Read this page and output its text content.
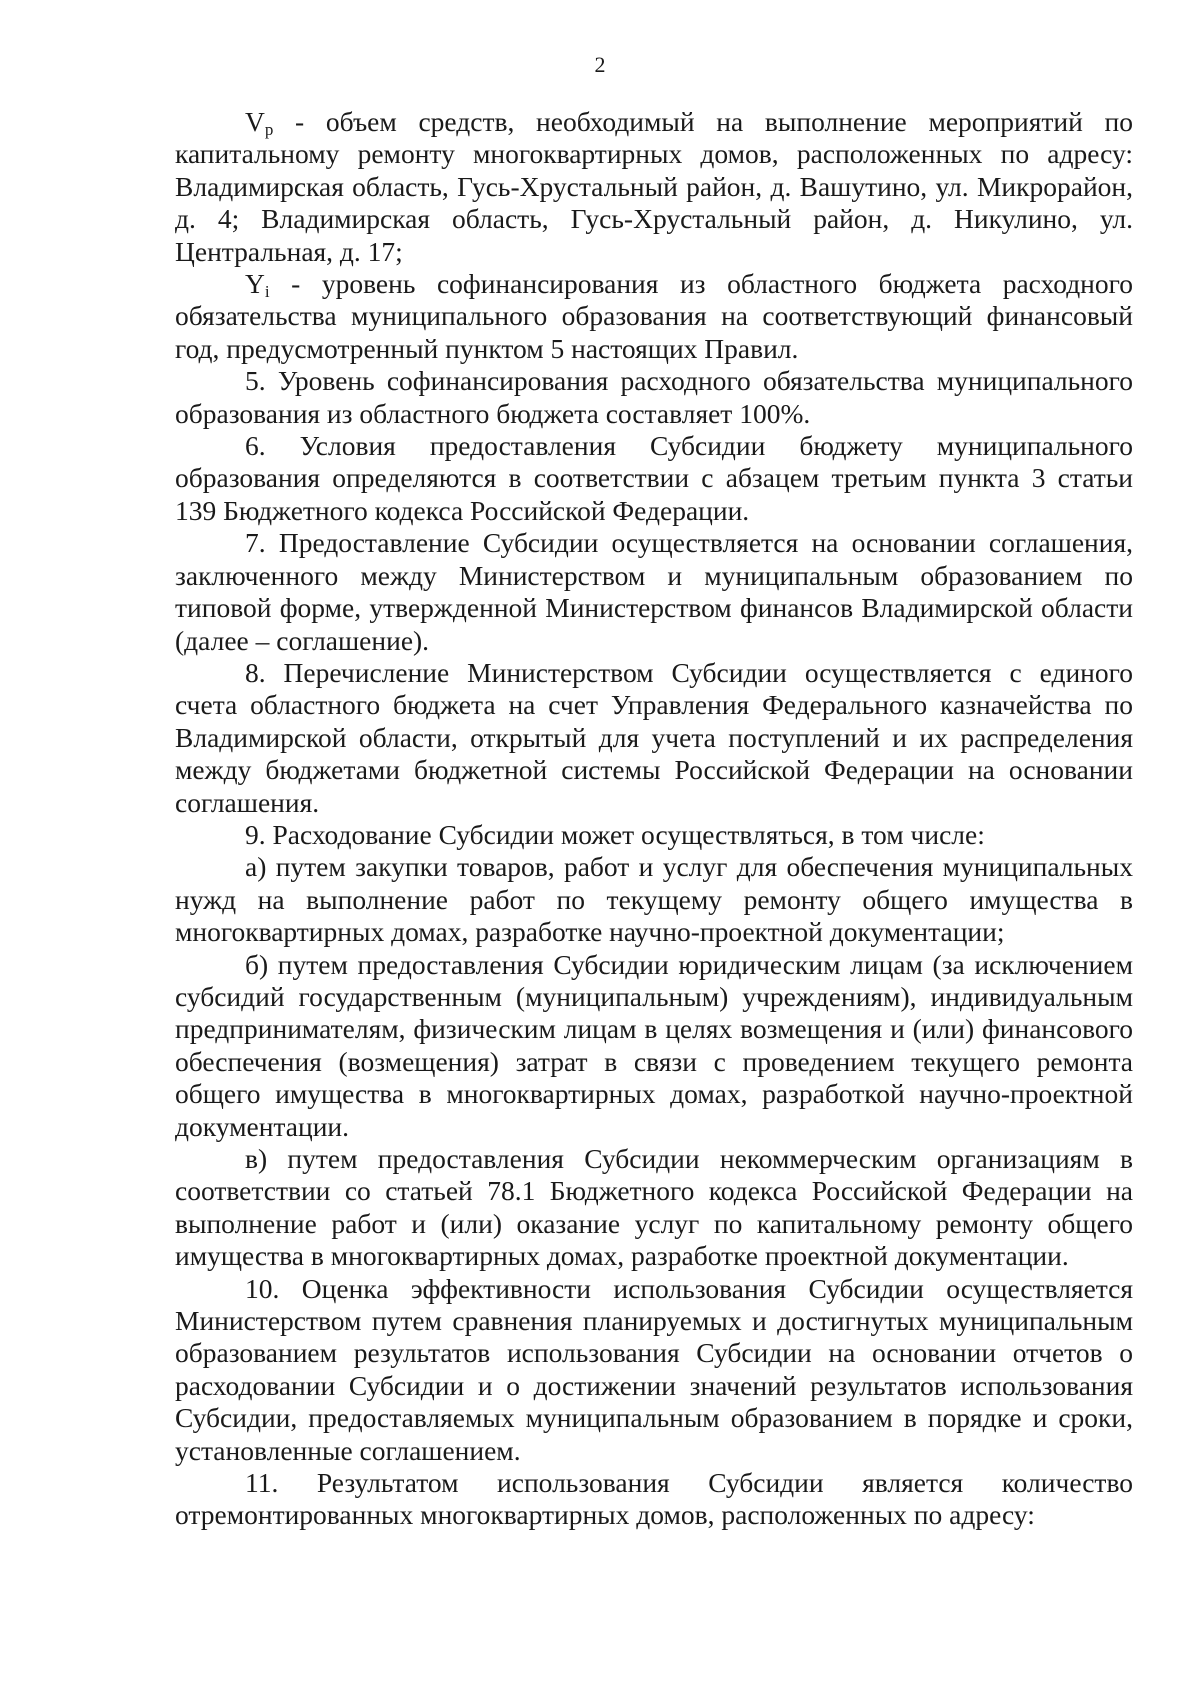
2

$V_p$ - объем средств, необходимый на выполнение мероприятий по капитальному ремонту многоквартирных домов, расположенных по адресу: Владимирская область, Гусь-Хрустальный район, д. Вашутино, ул. Микрорайон, д. 4; Владимирская область, Гусь-Хрустальный район, д. Никулино, ул. Центральная, д. 17;

$Y_i$ - уровень софинансирования из областного бюджета расходного обязательства муниципального образования на соответствующий финансовый год, предусмотренный пунктом 5 настоящих Правил.

5. Уровень софинансирования расходного обязательства муниципального образования из областного бюджета составляет 100%.

6. Условия предоставления Субсидии бюджету муниципального образования определяются в соответствии с абзацем третьим пункта 3 статьи 139 Бюджетного кодекса Российской Федерации.

7. Предоставление Субсидии осуществляется на основании соглашения, заключенного между Министерством и муниципальным образованием по типовой форме, утвержденной Министерством финансов Владимирской области (далее – соглашение).

8. Перечисление Министерством Субсидии осуществляется с единого счета областного бюджета на счет Управления Федерального казначейства по Владимирской области, открытый для учета поступлений и их распределения между бюджетами бюджетной системы Российской Федерации на основании соглашения.

9. Расходование Субсидии может осуществляться, в том числе:

а) путем закупки товаров, работ и услуг для обеспечения муниципальных нужд на выполнение работ по текущему ремонту общего имущества в многоквартирных домах, разработке научно-проектной документации;

б) путем предоставления Субсидии юридическим лицам (за исключением субсидий государственным (муниципальным) учреждениям), индивидуальным предпринимателям, физическим лицам в целях возмещения и (или) финансового обеспечения (возмещения) затрат в связи с проведением текущего ремонта общего имущества в многоквартирных домах, разработкой научно-проектной документации.

в) путем предоставления Субсидии некоммерческим организациям в соответствии со статьей 78.1 Бюджетного кодекса Российской Федерации на выполнение работ и (или) оказание услуг по капитальному ремонту общего имущества в многоквартирных домах, разработке проектной документации.

10. Оценка эффективности использования Субсидии осуществляется Министерством путем сравнения планируемых и достигнутых муниципальным образованием результатов использования Субсидии на основании отчетов о расходовании Субсидии и о достижении значений результатов использования Субсидии, предоставляемых муниципальным образованием в порядке и сроки, установленные соглашением.

11. Результатом использования Субсидии является количество отремонтированных многоквартирных домов, расположенных по адресу:
